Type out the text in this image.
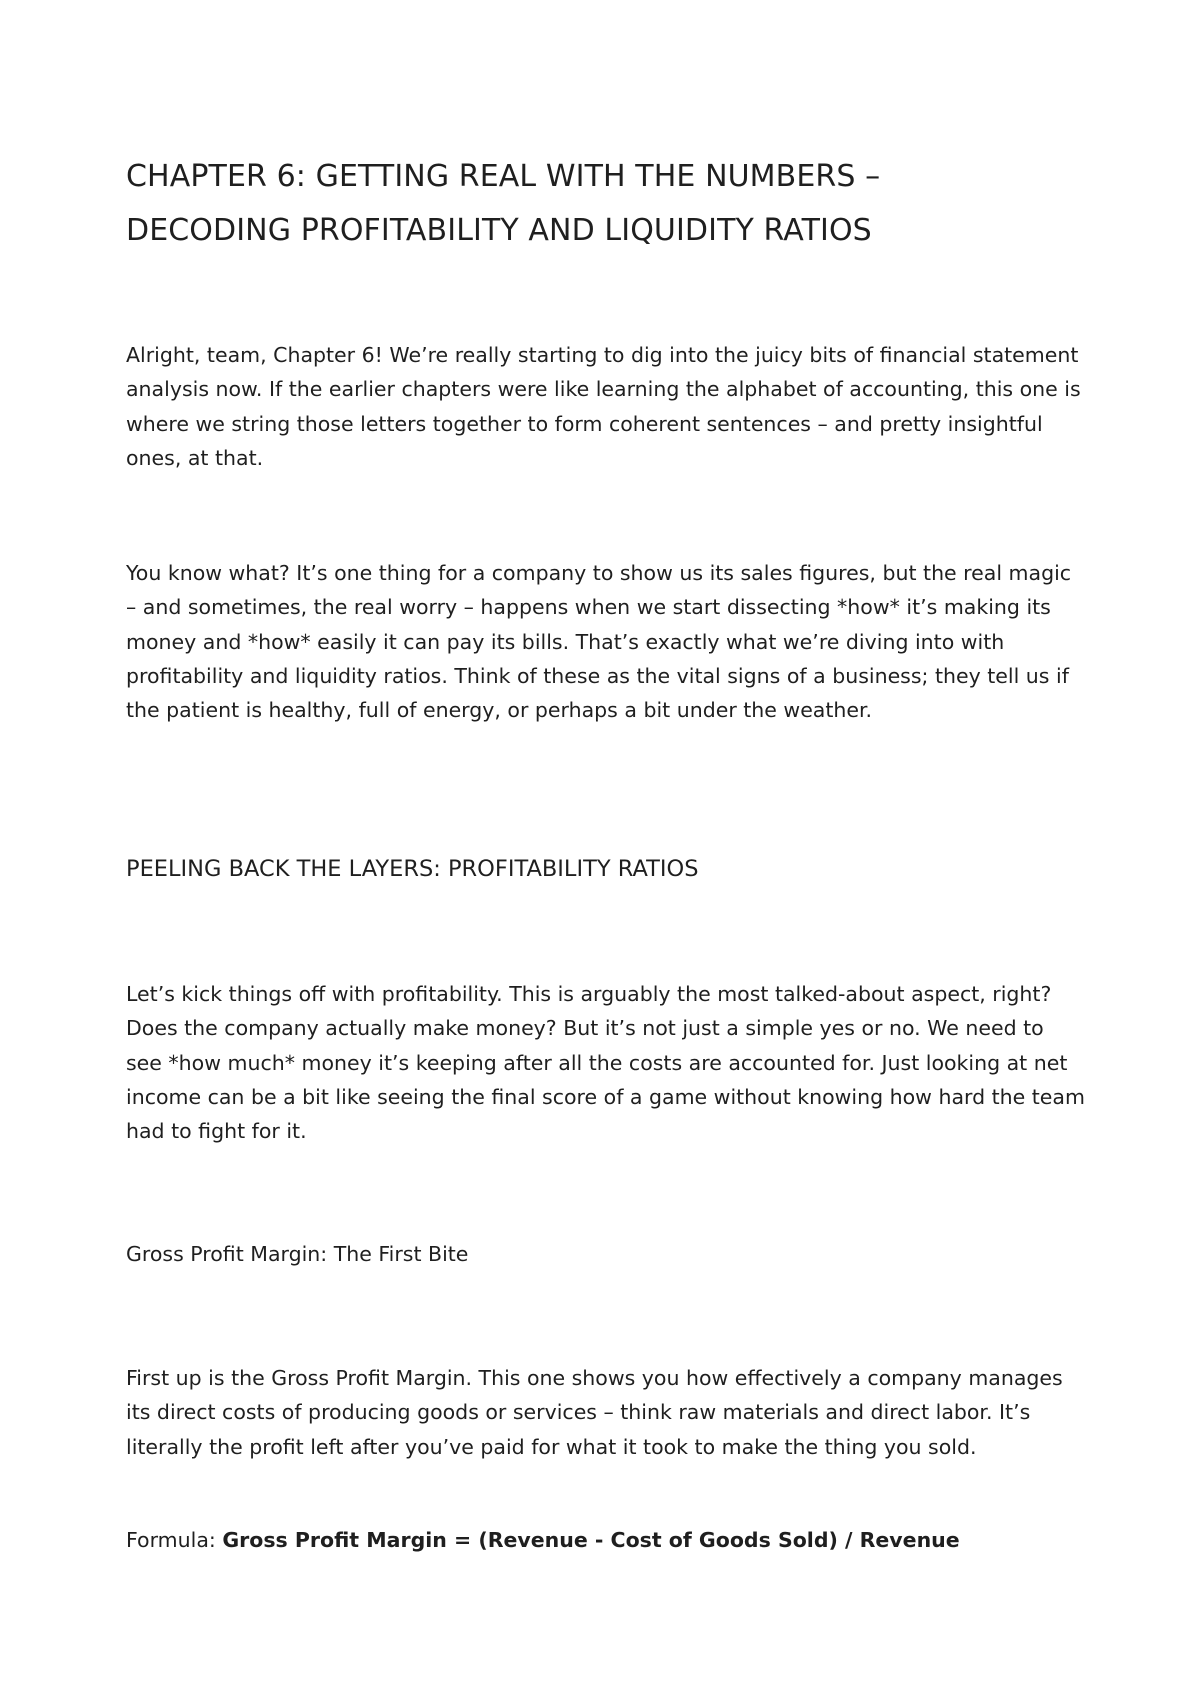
CHAPTER 6: GETTING REAL WITH THE NUMBERS –
DECODING PROFITABILITY AND LIQUIDITY RATIOS

Alright, team, Chapter 6! We’re really starting to dig into the juicy bits of financial statement analysis now. If the earlier chapters were like learning the alphabet of accounting, this one is where we string those letters together to form coherent sentences – and pretty insightful ones, at that.

You know what? It’s one thing for a company to show us its sales figures, but the real magic – and sometimes, the real worry – happens when we start dissecting *how* it’s making its money and *how* easily it can pay its bills. That’s exactly what we’re diving into with profitability and liquidity ratios. Think of these as the vital signs of a business; they tell us if the patient is healthy, full of energy, or perhaps a bit under the weather.

PEELING BACK THE LAYERS: PROFITABILITY RATIOS

Let’s kick things off with profitability. This is arguably the most talked-about aspect, right? Does the company actually make money? But it’s not just a simple yes or no. We need to see *how much* money it’s keeping after all the costs are accounted for. Just looking at net income can be a bit like seeing the final score of a game without knowing how hard the team had to fight for it.

Gross Profit Margin: The First Bite

First up is the Gross Profit Margin. This one shows you how effectively a company manages its direct costs of producing goods or services – think raw materials and direct labor. It’s literally the profit left after you’ve paid for what it took to make the thing you sold.

Formula: Gross Profit Margin = (Revenue - Cost of Goods Sold) / Revenue
